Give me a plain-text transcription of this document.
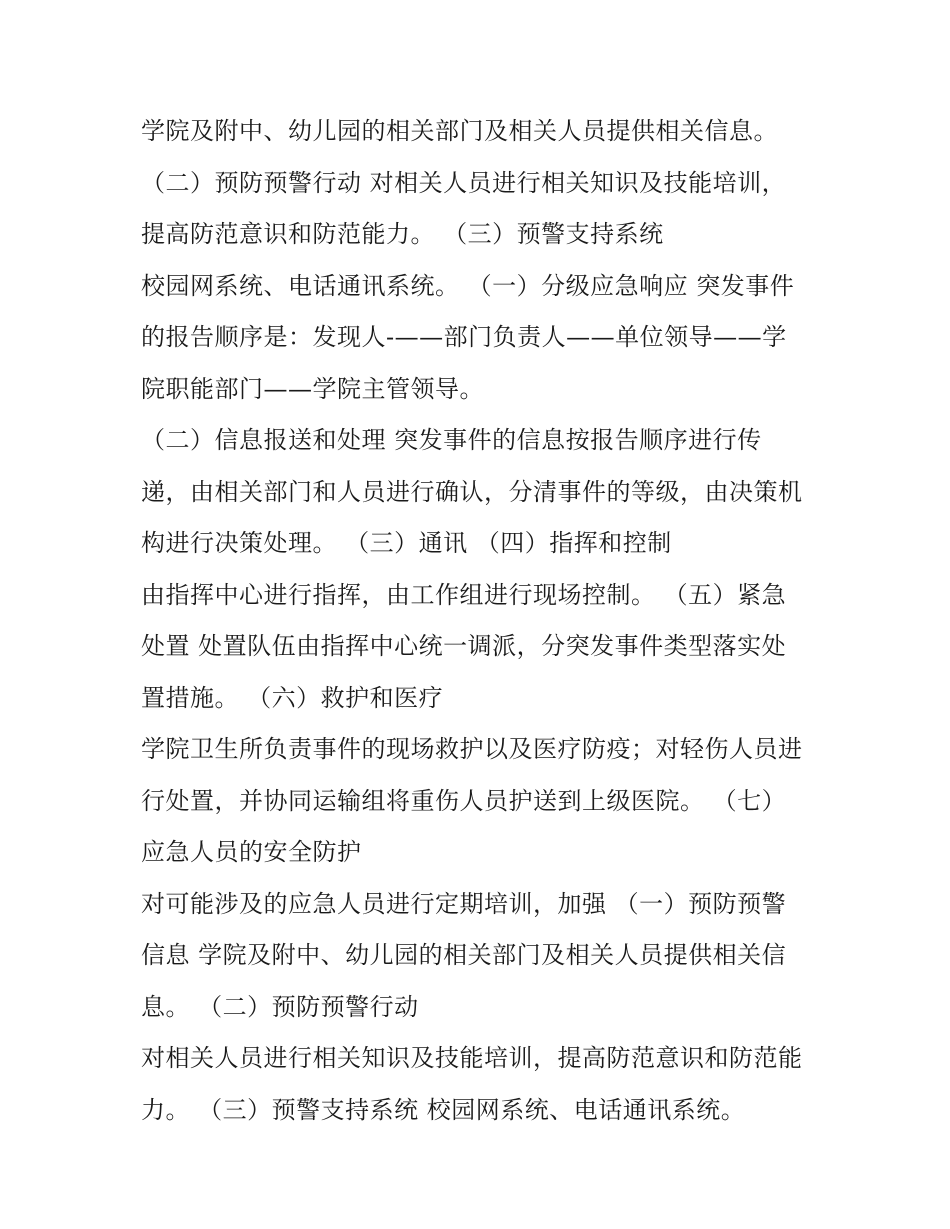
学院及附中、幼儿园的相关部门及相关人员提供相关信息。
（二）预防预警行动 对相关人员进行相关知识及技能培训，
提高防范意识和防范能力。 （三）预警支持系统
校园网系统、电话通讯系统。 （一）分级应急响应 突发事件
的报告顺序是：发现人-——部门负责人——单位领导——学
院职能部门——学院主管领导。
（二）信息报送和处理 突发事件的信息按报告顺序进行传
递，由相关部门和人员进行确认，分清事件的等级，由决策机
构进行决策处理。 （三）通讯 （四）指挥和控制
由指挥中心进行指挥，由工作组进行现场控制。 （五）紧急
处置 处置队伍由指挥中心统一调派，分突发事件类型落实处
置措施。 （六）救护和医疗
学院卫生所负责事件的现场救护以及医疗防疫；对轻伤人员进
行处置，并协同运输组将重伤人员护送到上级医院。 （七）
应急人员的安全防护
对可能涉及的应急人员进行定期培训，加强 （一）预防预警
信息 学院及附中、幼儿园的相关部门及相关人员提供相关信
息。 （二）预防预警行动
对相关人员进行相关知识及技能培训，提高防范意识和防范能
力。 （三）预警支持系统 校园网系统、电话通讯系统。
